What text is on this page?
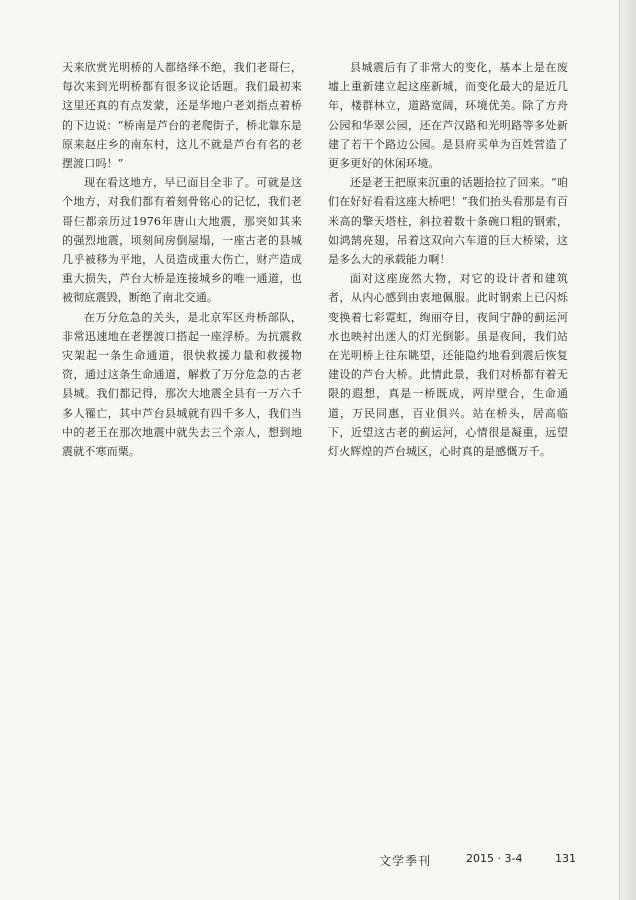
天来欣赏光明桥的人都络绎不绝，我们老哥仨，每次来到光明桥都有很多议论话题。我们最初来这里还真的有点发蒙，还是华地户老刘指点着桥的下边说：“桥南是芦台的老爬街子，桥北靠东是原来赵庄乡的南东村，这儿不就是芦台有名的老摆渡口吗！”

现在看这地方，早已面目全非了。可就是这个地方，对我们都有着刻骨铭心的记忆，我们老哥仨都亲历过1976年唐山大地震，那突如其来的强烈地震，顷刻间房倒屋塌，一座古老的县城几乎被移为平地，人员造成重大伤亡，财产造成重大损失，芦台大桥是连接城乡的唯一通道，也被彻底震毁，断绝了南北交通。

在万分危急的关头，是北京军区舟桥部队，非常迅速地在老摆渡口搭起一座浮桥。为抗震救灾架起一条生命通道，很快救援力量和救援物资，通过这条生命通道，解救了万分危急的古老县城。我们都记得，那次大地震全县有一万六千多人罹亡，其中芦台县城就有四千多人，我们当中的老王在那次地震中就失去三个亲人，想到地震就不寒而栗。

县城震后有了非常大的变化，基本上是在废墟上重新建立起这座新城，而变化最大的是近几年，楼群林立，道路宽阔，环境优美。除了方舟公园和华翠公园，还在芦汉路和光明路等多处新建了若干个路边公园。是县府买单为百姓营造了更多更好的休闲环境。

还是老王把原来沉重的话题拾拉了回来。“咱们在好好看看这座大桥吧！”我们抬头看那是有百米高的擎天塔柱，斜拉着数十条碗口粗的钢索，如鸿鹄亮翅，吊着这双向六车道的巨大桥梁，这是多么大的承载能力啊！

面对这座庞然大物，对它的设计者和建筑者，从内心感到由衷地佩服。此时钢索上已闪烁变换着七彩霓虹，绚丽夺目，夜间宁静的蓟运河水也映衬出迷人的灯光倒影。虽是夜间，我们站在光明桥上往东眺望，还能隐约地看到震后恢复建设的芦台大桥。此情此景，我们对桥都有着无限的遐想，真是一桥既成，两岸壁合，生命通道，万民同惠，百业俱兴。站在桥头，居高临下，近望这古老的蓟运河，心情很是凝重，远望灯火辉煌的芦台城区，心时真的是感慨万千。

文学季刊	2015 · 3-4	131
